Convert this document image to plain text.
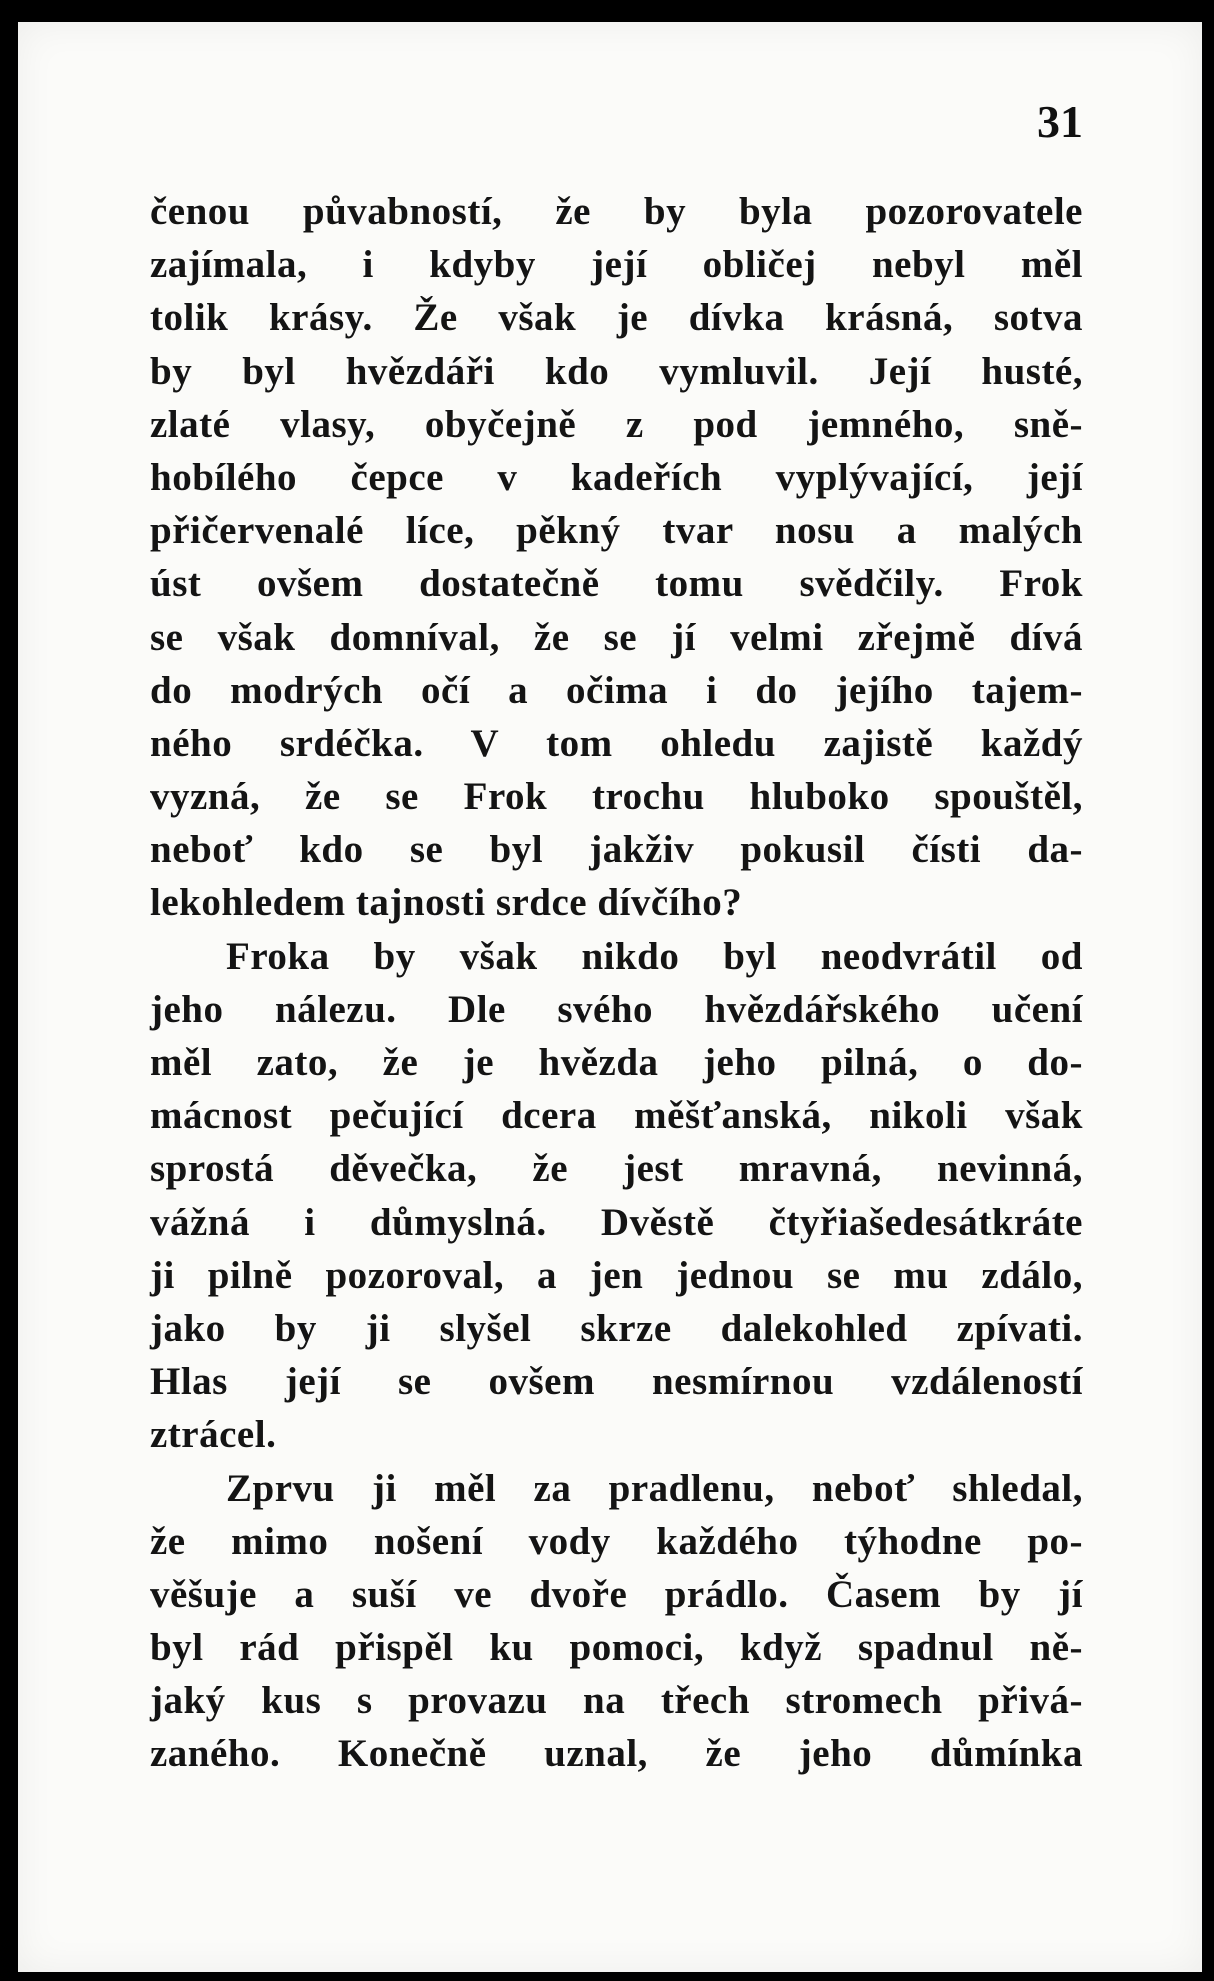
31
čenou půvabností, že by byla pozorovatele
zajímala, i kdyby její obličej nebyl měl
tolik krásy. Že však je dívka krásná, sotva
by byl hvězdáři kdo vymluvil. Její husté,
zlaté vlasy, obyčejně z pod jemného, sně-
hobílého čepce v kadeřích vyplývající, její
přičervenalé líce, pěkný tvar nosu a malých
úst ovšem dostatečně tomu svědčily. Frok
se však domníval, že se jí velmi zřejmě dívá
do modrých očí a očima i do jejího tajem-
ného srdéčka. V tom ohledu zajistě každý
vyzná, že se Frok trochu hluboko spouštěl,
neboť kdo se byl jakživ pokusil čísti da-
lekohledem tajnosti srdce dívčího?
Froka by však nikdo byl neodvrátil od
jeho nálezu. Dle svého hvězdářského učení
měl zato, že je hvězda jeho pilná, o do-
mácnost pečující dcera měšťanská, nikoli však
sprostá děvečka, že jest mravná, nevinná,
vážná i důmyslná. Dvěstě čtyřiašedesátkráte
ji pilně pozoroval, a jen jednou se mu zdálo,
jako by ji slyšel skrze dalekohled zpívati.
Hlas její se ovšem nesmírnou vzdáleností
ztrácel.
Zprvu ji měl za pradlenu, neboť shledal,
že mimo nošení vody každého týhodne po-
věšuje a suší ve dvoře prádlo. Časem by jí
byl rád přispěl ku pomoci, když spadnul ně-
jaký kus s provazu na třech stromech přivá-
zaného. Konečně uznal, že jeho důmínka
